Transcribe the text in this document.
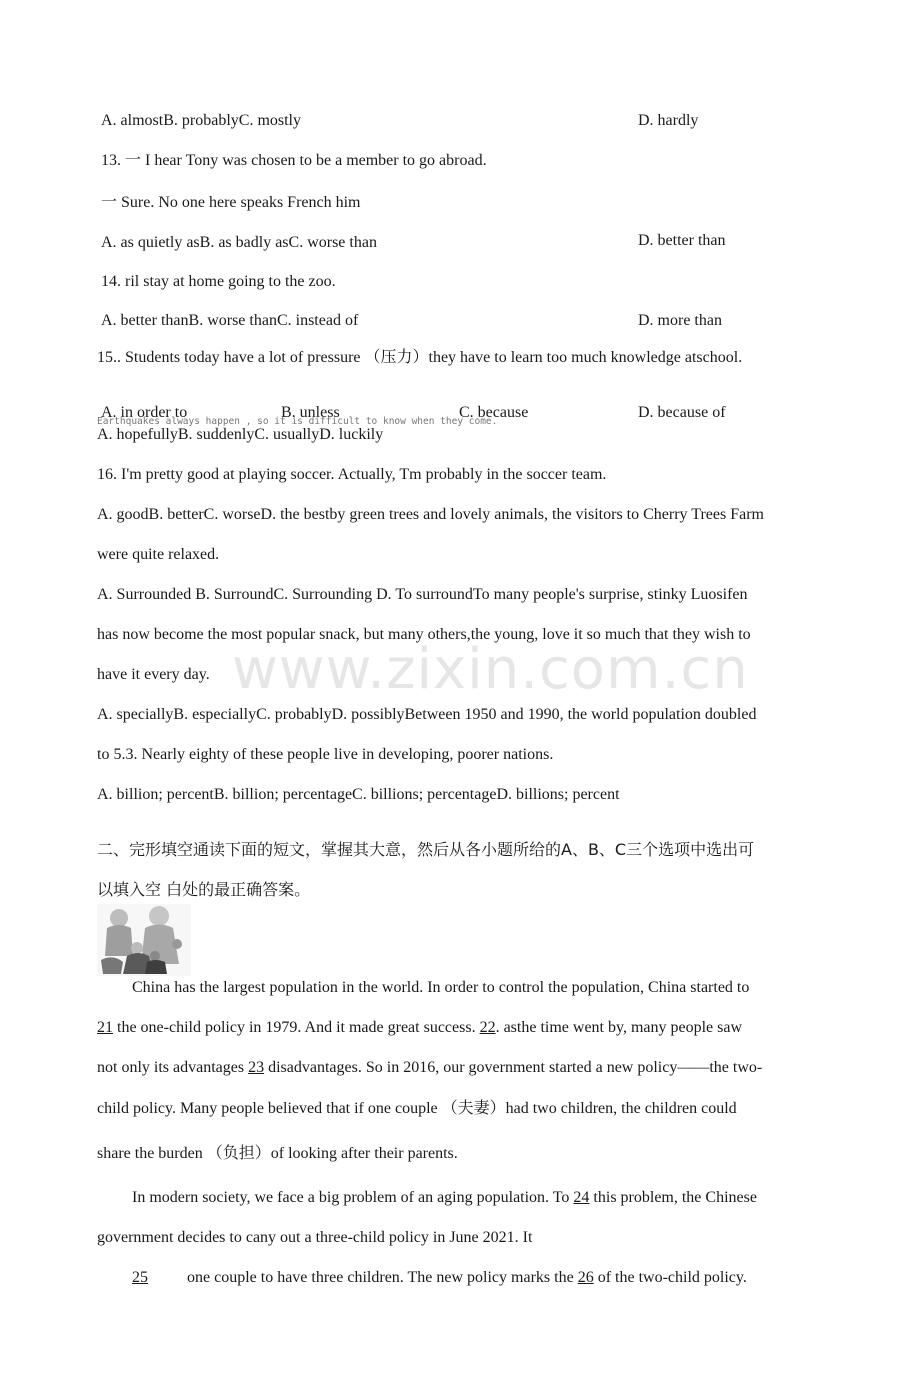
www.zixin.com.cn
A. almostB. probablyC. mostly	D. hardly
13. 一 I hear Tony was chosen to be a member to go abroad.
一 Sure. No one here speaks French him
A. as quietly asB. as badly asC. worse than	D. better than
14. ril stay at home going to the zoo.
A. better thanB. worse thanC. instead of	D. more than
15.. Students today have a lot of pressure （压力）they have to learn too much knowledge atschool.
A. in order to	B. unless	C. because	D. because of
Earthquakes always happen , so it is difficult to know when they come.
A. hopefullyB. suddenlyC. usuallyD. luckily
16. I'm pretty good at playing soccer. Actually, Tm probably in the soccer team.
A. goodB. betterC. worseD. the bestby green trees and lovely animals, the visitors to Cherry Trees Farm
were quite relaxed.
A. Surrounded B. SurroundC. Surrounding D. To surroundTo many people's surprise, stinky Luosifen
has now become the most popular snack, but many others,the young, love it so much that they wish to
have it every day.
A. speciallyB. especiallyC. probablyD. possiblyBetween 1950 and 1990, the world population doubled
to 5.3. Nearly eighty of these people live in developing, poorer nations.
A. billion; percentB. billion; percentageC. billions; percentageD. billions; percent
二、完形填空通读下面的短文，掌握其大意，然后从各小题所给的A、B、C三个选项中选出可
以填入空 白处的最正确答案。
China has the largest population in the world. In order to control the population, China started to
21 the one-child policy in 1979. And it made great success. 22. asthe time went by, many people saw
not only its advantages 23 disadvantages. So in 2016, our government started a new policy——the two-
child policy. Many people believed that if one couple （夫妻）had two children, the children could
share the burden （负担）of looking after their parents.
In modern society, we face a big problem of an aging population. To 24 this problem, the Chinese
government decides to cany out a three-child policy in June 2021. It
25 one couple to have three children. The new policy marks the 26 of the two-child policy.
